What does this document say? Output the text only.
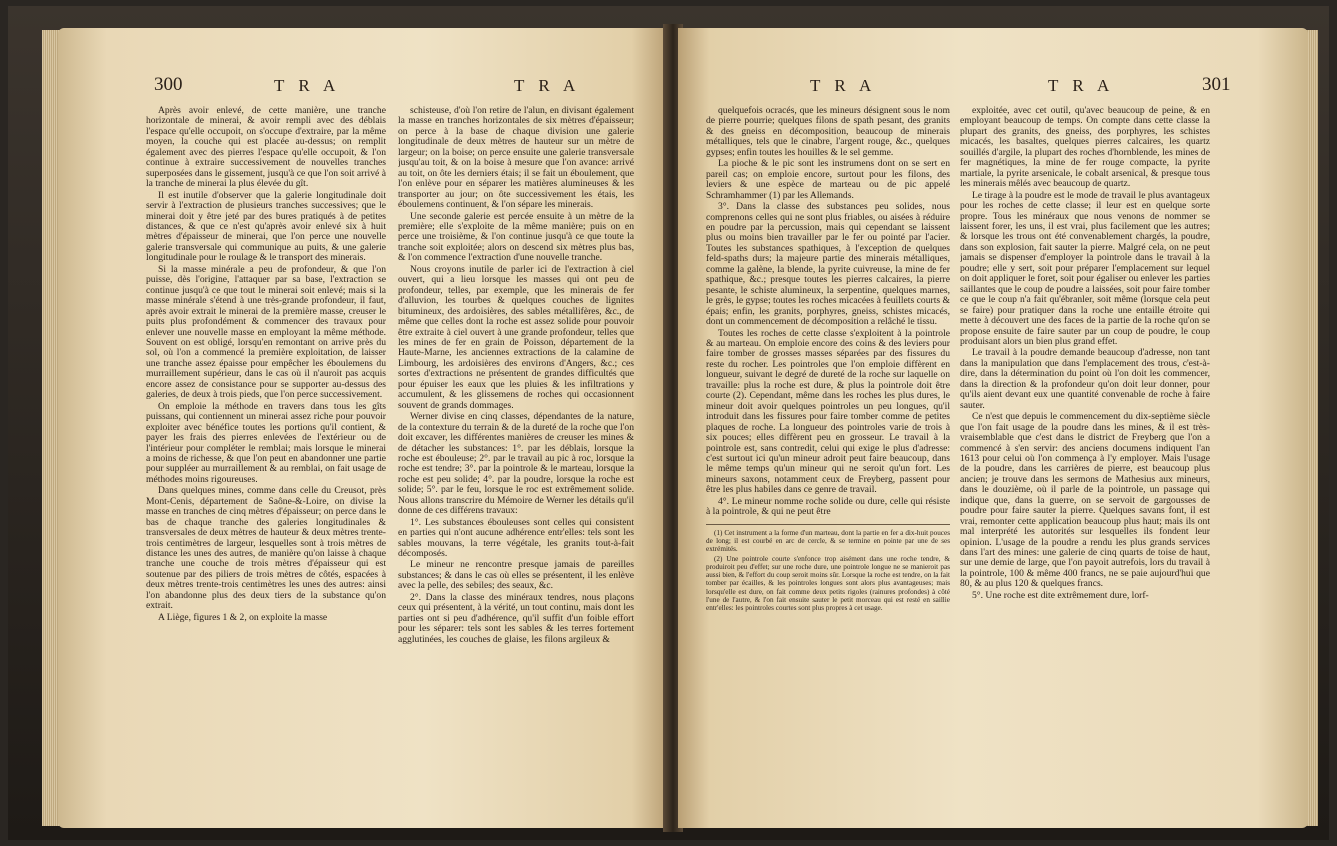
300	T R A	T R A

Après avoir enlevé, de cette manière, une tranche horizontale de minerai, & avoir rempli avec des déblais l'espace qu'elle occupoit, on s'occupe d'extraire, par la même moyen, la couche qui est placée au-dessus; on remplit également avec des pierres l'espace qu'elle occupoit, & l'on continue à extraire successivement de nouvelles tranches superposées dans le gissement, jusqu'à ce que l'on soit arrivé à la tranche de minerai la plus élevée du gît.

Il est inutile d'observer que la galerie longitudinale doit servir à l'extraction de plusieurs tranches successives; que le minerai doit y être jeté par des bures pratiqués à de petites distances, & que ce n'est qu'après avoir enlevé six à huit mètres d'épaisseur de minerai, que l'on perce une nouvelle galerie transversale qui communique au puits, & une galerie longitudinale pour le roulage & le transport des minerais.

Si la masse minérale a peu de profondeur, & que l'on puisse, dès l'origine, l'attaquer par sa base, l'extraction se continue jusqu'à ce que tout le minerai soit enlevé; mais si la masse minérale s'étend à une très-grande profondeur, il faut, après avoir extrait le minerai de la première masse, creuser le puits plus profondément & commencer des travaux pour enlever une nouvelle masse en employant la même méthode. Souvent on est obligé, lorsqu'en remontant on arrive près du sol, où l'on a commencé la première exploitation, de laisser une tranche assez épaisse pour empêcher les éboulemens du murraillement supérieur, dans le cas où il n'auroit pas acquis encore assez de consistance pour se supporter au-dessus des galeries, de deux à trois pieds, que l'on perce successivement.

On emploie la méthode en travers dans tous les gîts puissans, qui contiennent un minerai assez riche pour pouvoir exploiter avec bénéfice toutes les portions qu'il contient, & payer les frais des pierres enlevées de l'extérieur ou de l'intérieur pour compléter le remblai; mais lorsque le minerai a moins de richesse, & que l'on peut en abandonner une partie pour suppléer au murraillement & au remblai, on fait usage de méthodes moins rigoureuses.

Dans quelques mines, comme dans celle du Creusot, près Mont-Cenis, département de Saône-&-Loire, on divise la masse en tranches de cinq mètres d'épaisseur; on perce dans le bas de chaque tranche des galeries longitudinales & transversales de deux mètres de hauteur & deux mètres trente-trois centimètres de largeur, lesquelles sont à trois mètres de distance les unes des autres, de manière qu'on laisse à chaque tranche une couche de trois mètres d'épaisseur qui est soutenue par des piliers de trois mètres de côtés, espacées à deux mètres trente-trois centimètres les unes des autres: ainsi l'on abandonne plus des deux tiers de la substance qu'on extrait.

A Liège, figures 1 & 2, on exploite la masse

schisteuse, d'où l'on retire de l'alun, en divisant également la masse en tranches horizontales de six mètres d'épaisseur; on perce à la base de chaque division une galerie longitudinale de deux mètres de hauteur sur un mètre de largeur; on la boise; on perce ensuite une galerie transversale jusqu'au toit, & on la boise à mesure que l'on avance: arrivé au toit, on ôte les derniers étais; il se fait un éboulement, que l'on enlève pour en séparer les matières alumineuses & les transporter au jour; on ôte successivement les étais, les éboulemens continuent, & l'on sépare les minerais.

Une seconde galerie est percée ensuite à un mètre de la première; elle s'exploite de la même manière; puis on en perce une troisième, & l'on continue jusqu'à ce que toute la tranche soit exploitée; alors on descend six mètres plus bas, & l'on commence l'extraction d'une nouvelle tranche.

Nous croyons inutile de parler ici de l'extraction à ciel ouvert, qui a lieu lorsque les masses qui ont peu de profondeur, telles, par exemple, que les minerais de fer d'alluvion, les tourbes & quelques couches de lignites bitumineux, des ardoisières, des sables métallifères, &c., de même que celles dont la roche est assez solide pour pouvoir être extraite à ciel ouvert à une grande profondeur, telles que les mines de fer en grain de Poisson, département de la Haute-Marne, les anciennes extractions de la calamine de Limbourg, les ardoisières des environs d'Angers, &c.; ces sortes d'extractions ne présentent de grandes difficultés que pour épuiser les eaux que les pluies & les infiltrations y accumulent, & les glissemens de roches qui occasionnent souvent de grands dommages.

Werner divise en cinq classes, dépendantes de la nature, de la contexture du terrain & de la dureté de la roche que l'on doit excaver, les différentes manières de creuser les mines & de détacher les substances: 1°. par les déblais, lorsque la roche est ébouleuse; 2°. par le travail au pic à roc, lorsque la roche est tendre; 3°. par la pointrole & le marteau, lorsque la roche est peu solide; 4°. par la poudre, lorsque la roche est solide; 5°. par le feu, lorsque le roc est extrêmement solide. Nous allons transcrire du Mémoire de Werner les détails qu'il donne de ces différens travaux:

1°. Les substances ébouleuses sont celles qui consistent en parties qui n'ont aucune adhérence entr'elles: tels sont les sables mouvans, la terre végétale, les granits tout-à-fait décomposés.

Le mineur ne rencontre presque jamais de pareilles substances; & dans le cas où elles se présentent, il les enlève avec la pelle, des sebiles; des seaux, &c.

2°. Dans la classe des minéraux tendres, nous plaçons ceux qui présentent, à la vérité, un tout continu, mais dont les parties ont si peu d'adhérence, qu'il suffit d'un foible effort pour les séparer: tels sont les sables & les terres fortement agglutinées, les couches de glaise, les filons argileux &

T R A	T R A	301

quelquefois ocracés, que les mineurs désignent sous le nom de pierre pourrie; quelques filons de spath pesant, des granits & des gneiss en décomposition, beaucoup de minerais métalliques, tels que le cinabre, l'argent rouge, &c., quelques gypses; enfin toutes les houilles & le sel gemme.

La pioche & le pic sont les instrumens dont on se sert en pareil cas; on emploie encore, surtout pour les filons, des leviers & une espèce de marteau ou de pic appelé Schramhammer (1) par les Allemands.

3°. Dans la classe des substances peu solides, nous comprenons celles qui ne sont plus friables, ou aisées à réduire en poudre par la percussion, mais qui cependant se laissent plus ou moins bien travailler par le fer ou pointé par l'acier. Toutes les substances spathiques, à l'exception de quelques feld-spaths durs; la majeure partie des minerais métalliques, comme la galène, la blende, la pyrite cuivreuse, la mine de fer spathique, &c.; presque toutes les pierres calcaires, la pierre pesante, le schiste alumineux, la serpentine, quelques marnes, le grès, le gypse; toutes les roches micacées à feuillets courts & épais; enfin, les granits, porphyres, gneiss, schistes micacés, dont un commencement de décomposition a relâché le tissu.

Toutes les roches de cette classe s'exploitent à la pointrole & au marteau. On emploie encore des coins & des leviers pour faire tomber de grosses masses séparées par des fissures du reste du rocher. Les pointroles que l'on emploie diffèrent en longueur, suivant le degré de dureté de la roche sur laquelle on travaille: plus la roche est dure, & plus la pointrole doit être courte (2). Cependant, même dans les roches les plus dures, le mineur doit avoir quelques pointroles un peu longues, qu'il introduit dans les fissures pour faire tomber comme de petites plaques de roche. La longueur des pointroles varie de trois à six pouces; elles diffèrent peu en grosseur. Le travail à la pointrole est, sans contredit, celui qui exige le plus d'adresse: c'est surtout ici qu'un mineur adroit peut faire beaucoup, dans le même temps qu'un mineur qui ne seroit qu'un fort. Les mineurs saxons, notamment ceux de Freyberg, passent pour être les plus habiles dans ce genre de travail.

4°. Le mineur nomme roche solide ou dure, celle qui résiste à la pointrole, & qui ne peut être

(1) Cet instrument a la forme d'un marteau, dont la partie en fer a dix-huit pouces de long; il est courbé en arc de cercle, & se termine en pointe par une de ses extrémités.

(2) Une pointrole courte s'enfonce trop aisément dans une roche tendre, & produiroit peu d'effet; sur une roche dure, une pointrole longue ne se manieroit pas aussi bien, & l'effort du coup seroit moins sûr. Lorsque la roche est tendre, on la fait tomber par écailles, & les pointroles longues sont alors plus avantageuses; mais lorsqu'elle est dure, on fait comme deux petits rigoles (rainures profondes) à côté l'une de l'autre, & l'on fait ensuite sauter le petit morceau qui est resté en saillie entr'elles: les pointroles courtes sont plus propres à cet usage.

exploitée, avec cet outil, qu'avec beaucoup de peine, & en employant beaucoup de temps. On compte dans cette classe la plupart des granits, des gneiss, des porphyres, les schistes micacés, les basaltes, quelques pierres calcaires, les quartz souillés d'argile, la plupart des roches d'hornblende, les mines de fer magnétiques, la mine de fer rouge compacte, la pyrite martiale, la pyrite arsenicale, le cobalt arsenical, & presque tous les minerais mêlés avec beaucoup de quartz.

Le tirage à la poudre est le mode de travail le plus avantageux pour les roches de cette classe; il leur est en quelque sorte propre. Tous les minéraux que nous venons de nommer se laissent forer, les uns, il est vrai, plus facilement que les autres; & lorsque les trous ont été convenablement chargés, la poudre, dans son explosion, fait sauter la pierre. Malgré cela, on ne peut jamais se dispenser d'employer la pointrole dans le travail à la poudre; elle y sert, soit pour préparer l'emplacement sur lequel on doit appliquer le foret, soit pour égaliser ou enlever les parties saillantes que le coup de poudre a laissées, soit pour faire tomber ce que le coup n'a fait qu'ébranler, soit même (lorsque cela peut se faire) pour pratiquer dans la roche une entaille étroite qui mette à découvert une des faces de la partie de la roche qu'on se propose ensuite de faire sauter par un coup de poudre, le coup produisant alors un bien plus grand effet.

Le travail à la poudre demande beaucoup d'adresse, non tant dans la manipulation que dans l'emplacement des trous, c'est-à-dire, dans la détermination du point où l'on doit les commencer, dans la direction & la profondeur qu'on doit leur donner, pour qu'ils aient devant eux une quantité convenable de roche à faire sauter.

Ce n'est que depuis le commencement du dix-septième siècle que l'on fait usage de la poudre dans les mines, & il est très-vraisemblable que c'est dans le district de Freyberg que l'on a commencé à s'en servir: des anciens documens indiquent l'an 1613 pour celui où l'on commença à l'y employer. Mais l'usage de la poudre, dans les carrières de pierre, est beaucoup plus ancien; je trouve dans les sermons de Mathesius aux mineurs, dans le douzième, où il parle de la pointrole, un passage qui indique que, dans la guerre, on se servoit de gargousses de poudre pour faire sauter la pierre. Quelques savans font, il est vrai, remonter cette application beaucoup plus haut; mais ils ont mal interprété les autorités sur lesquelles ils fondent leur opinion. L'usage de la poudre a rendu les plus grands services dans l'art des mines: une galerie de cinq quarts de toise de haut, sur une demie de large, que l'on payoit autrefois, lors du travail à la pointrole, 100 & même 400 francs, ne se paie aujourd'hui que 80, & au plus 120 & quelques francs.

5°. Une roche est dite extrêmement dure, lorf-
